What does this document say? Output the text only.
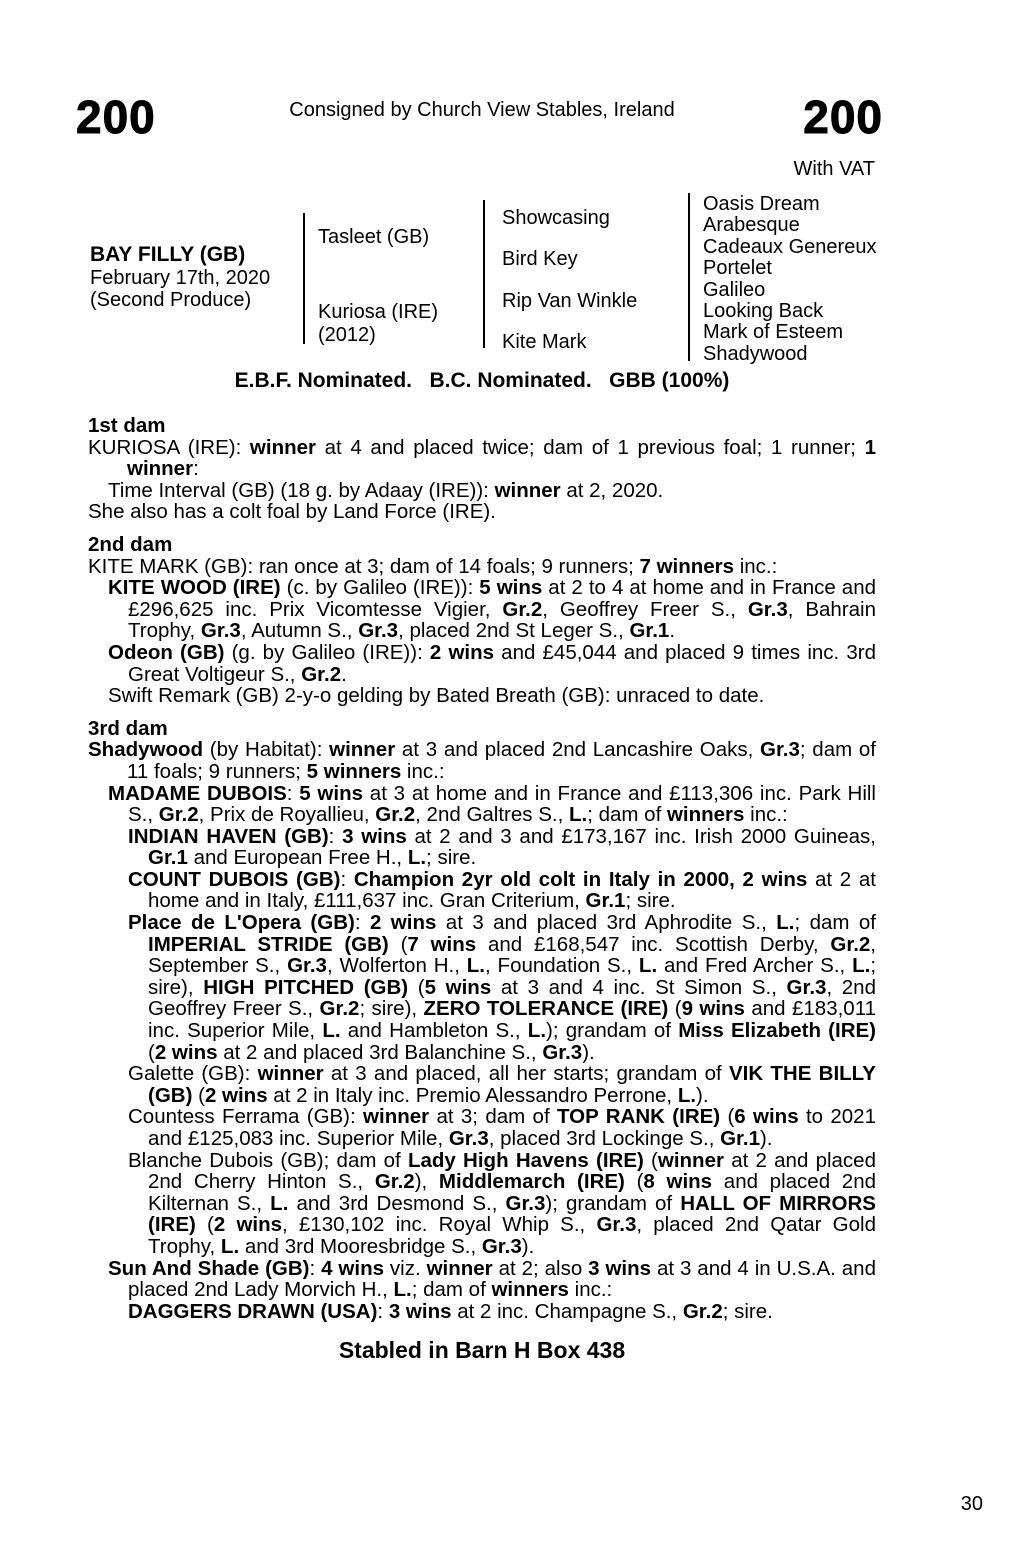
200	Consigned by Church View Stables, Ireland	200
With VAT
BAY FILLY (GB)
February 17th, 2020
(Second Produce)
Tasleet (GB)
Kuriosa (IRE)
(2012)
Showcasing
Bird Key
Rip Van Winkle
Kite Mark
Oasis Dream
Arabesque
Cadeaux Genereux
Portelet
Galileo
Looking Back
Mark of Esteem
Shadywood
E.B.F. Nominated.   B.C. Nominated.   GBB (100%)
1st dam

KURIOSA (IRE): winner at 4 and placed twice; dam of 1 previous foal; 1 runner; 1 winner:

Time Interval (GB) (18 g. by Adaay (IRE)): winner at 2, 2020.

She also has a colt foal by Land Force (IRE).

2nd dam

KITE MARK (GB): ran once at 3; dam of 14 foals; 9 runners; 7 winners inc.:

KITE WOOD (IRE) (c. by Galileo (IRE)): 5 wins at 2 to 4 at home and in France and £296,625 inc. Prix Vicomtesse Vigier, Gr.2, Geoffrey Freer S., Gr.3, Bahrain Trophy, Gr.3, Autumn S., Gr.3, placed 2nd St Leger S., Gr.1.

Odeon (GB) (g. by Galileo (IRE)): 2 wins and £45,044 and placed 9 times inc. 3rd Great Voltigeur S., Gr.2.

Swift Remark (GB) 2-y-o gelding by Bated Breath (GB): unraced to date.

3rd dam

Shadywood (by Habitat): winner at 3 and placed 2nd Lancashire Oaks, Gr.3; dam of 11 foals; 9 runners; 5 winners inc.:

MADAME DUBOIS: 5 wins at 3 at home and in France and £113,306 inc. Park Hill S., Gr.2, Prix de Royallieu, Gr.2, 2nd Galtres S., L.; dam of winners inc.:

INDIAN HAVEN (GB): 3 wins at 2 and 3 and £173,167 inc. Irish 2000 Guineas, Gr.1 and European Free H., L.; sire.

COUNT DUBOIS (GB): Champion 2yr old colt in Italy in 2000, 2 wins at 2 at home and in Italy, £111,637 inc. Gran Criterium, Gr.1; sire.

Place de L'Opera (GB): 2 wins at 3 and placed 3rd Aphrodite S., L.; dam of IMPERIAL STRIDE (GB) (7 wins and £168,547 inc. Scottish Derby, Gr.2, September S., Gr.3, Wolferton H., L., Foundation S., L. and Fred Archer S., L.; sire), HIGH PITCHED (GB) (5 wins at 3 and 4 inc. St Simon S., Gr.3, 2nd Geoffrey Freer S., Gr.2; sire), ZERO TOLERANCE (IRE) (9 wins and £183,011 inc. Superior Mile, L. and Hambleton S., L.); grandam of Miss Elizabeth (IRE) (2 wins at 2 and placed 3rd Balanchine S., Gr.3).

Galette (GB): winner at 3 and placed, all her starts; grandam of VIK THE BILLY (GB) (2 wins at 2 in Italy inc. Premio Alessandro Perrone, L.).

Countess Ferrama (GB): winner at 3; dam of TOP RANK (IRE) (6 wins to 2021 and £125,083 inc. Superior Mile, Gr.3, placed 3rd Lockinge S., Gr.1).

Blanche Dubois (GB); dam of Lady High Havens (IRE) (winner at 2 and placed 2nd Cherry Hinton S., Gr.2), Middlemarch (IRE) (8 wins and placed 2nd Kilternan S., L. and 3rd Desmond S., Gr.3); grandam of HALL OF MIRRORS (IRE) (2 wins, £130,102 inc. Royal Whip S., Gr.3, placed 2nd Qatar Gold Trophy, L. and 3rd Mooresbridge S., Gr.3).

Sun And Shade (GB): 4 wins viz. winner at 2; also 3 wins at 3 and 4 in U.S.A. and placed 2nd Lady Morvich H., L.; dam of winners inc.:

DAGGERS DRAWN (USA): 3 wins at 2 inc. Champagne S., Gr.2; sire.

Stabled in Barn H Box 438
30
